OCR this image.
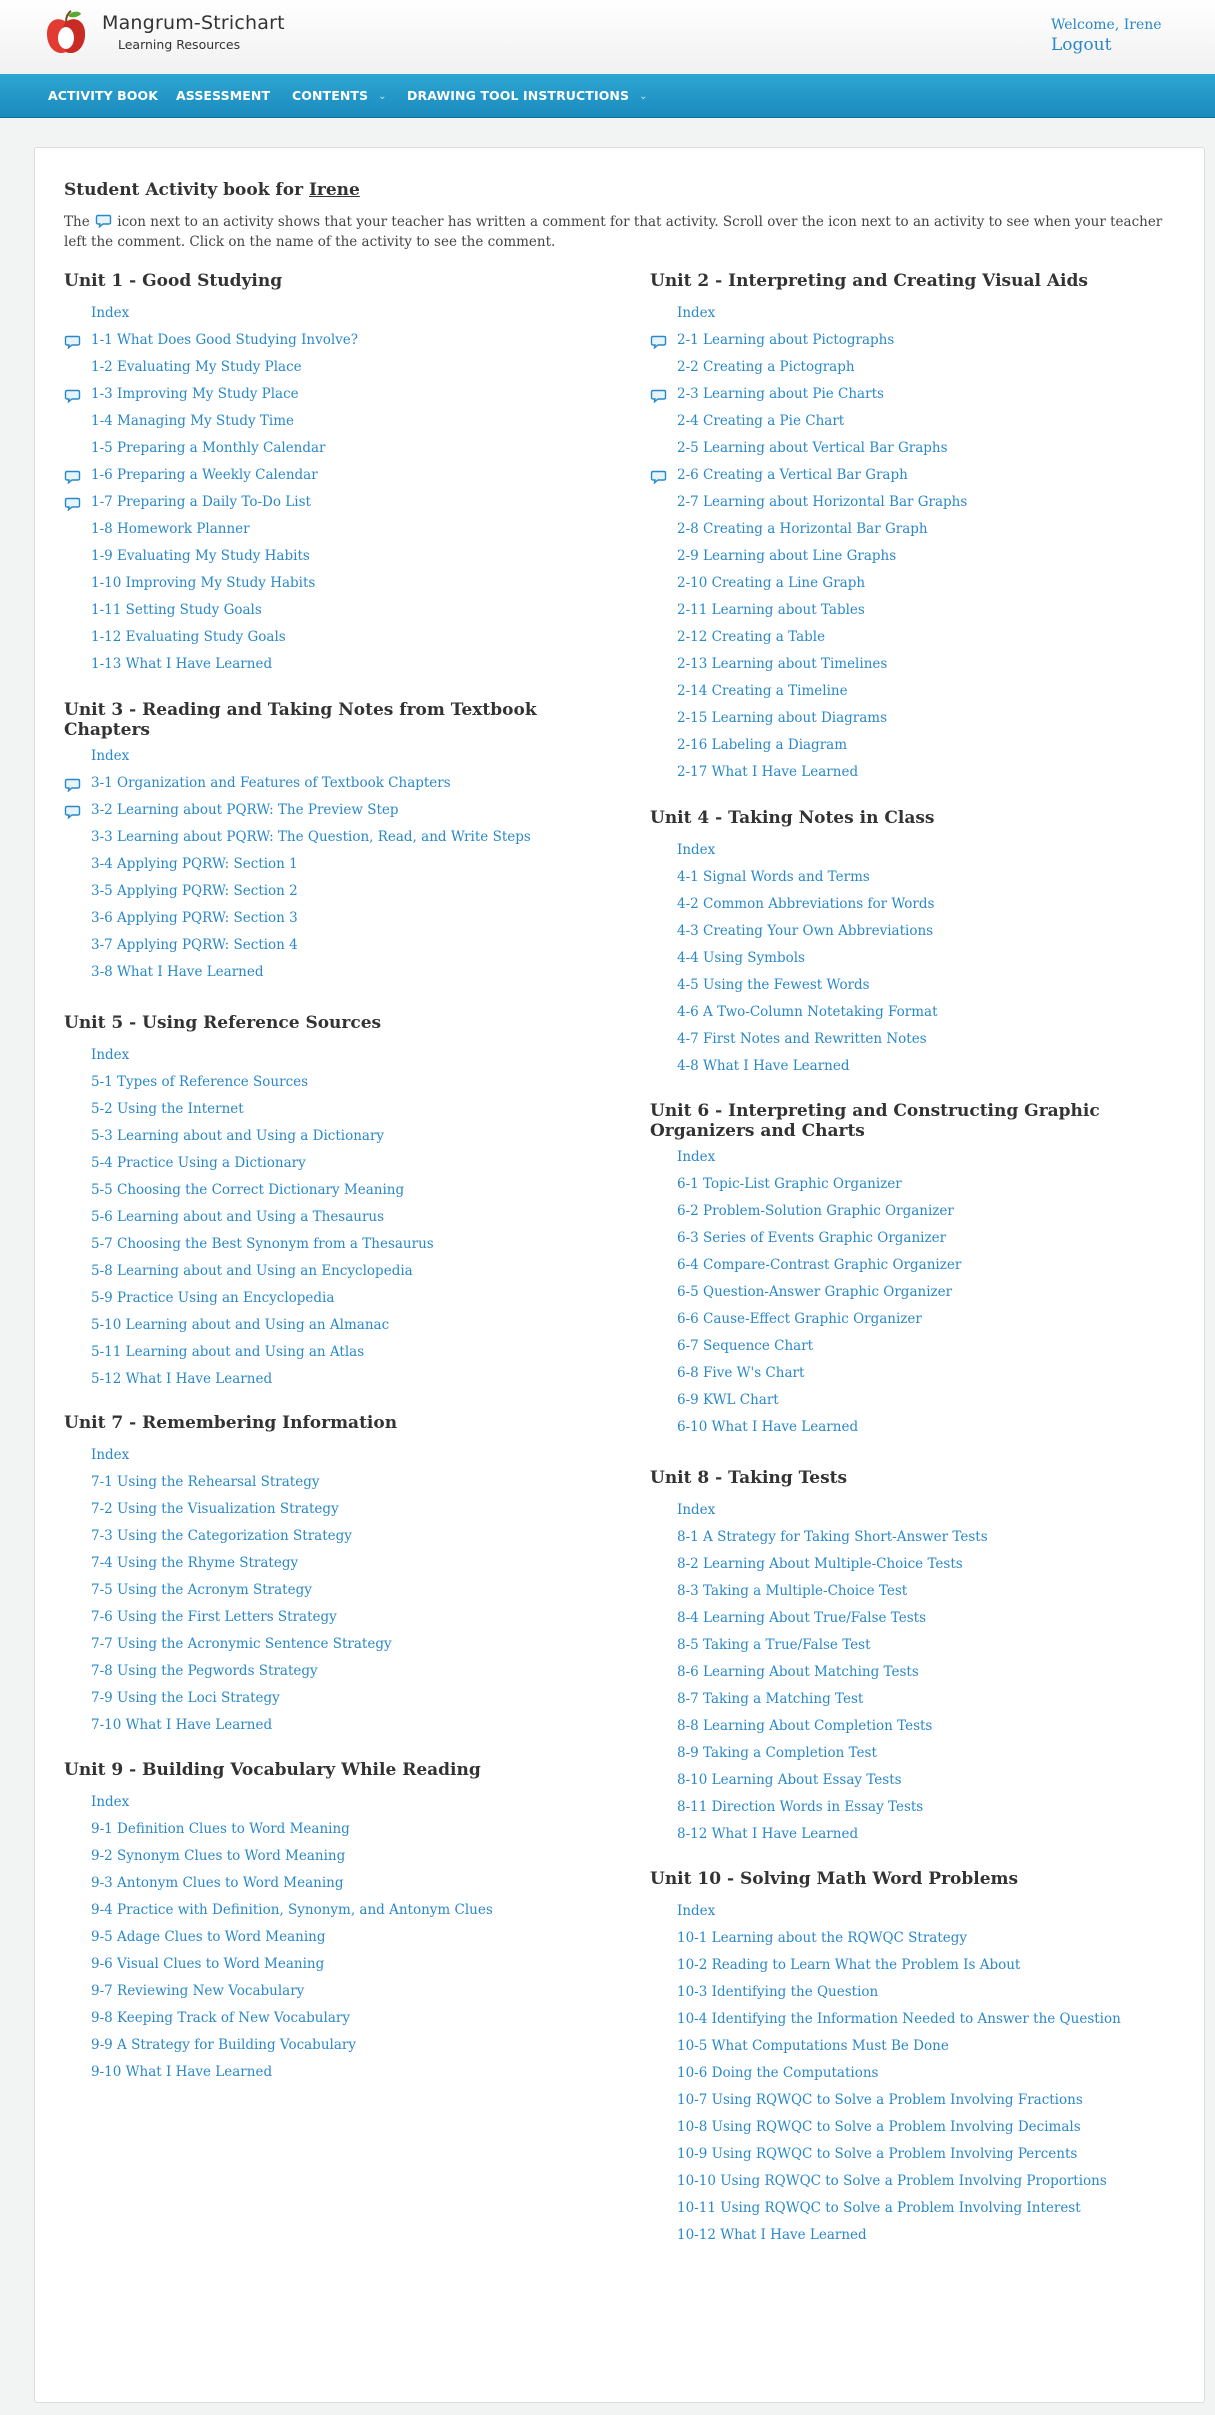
Mangrum-Strichart
Learning Resources
Welcome, Irene
Logout
ACTIVITY BOOK ASSESSMENT CONTENTS ⌄ DRAWING TOOL INSTRUCTIONS ⌄
Student Activity book for Irene
The icon next to an activity shows that your teacher has written a comment for that activity. Scroll over the icon next to an activity to see when your teacher left the comment. Click on the name of the activity to see the comment.
Unit 1 - Good Studying
Index
1-1 What Does Good Studying Involve?
1-2 Evaluating My Study Place
1-3 Improving My Study Place
1-4 Managing My Study Time
1-5 Preparing a Monthly Calendar
1-6 Preparing a Weekly Calendar
1-7 Preparing a Daily To-Do List
1-8 Homework Planner
1-9 Evaluating My Study Habits
1-10 Improving My Study Habits
1-11 Setting Study Goals
1-12 Evaluating Study Goals
1-13 What I Have Learned
Unit 3 - Reading and Taking Notes from Textbook Chapters
Index
3-1 Organization and Features of Textbook Chapters
3-2 Learning about PQRW: The Preview Step
3-3 Learning about PQRW: The Question, Read, and Write Steps
3-4 Applying PQRW: Section 1
3-5 Applying PQRW: Section 2
3-6 Applying PQRW: Section 3
3-7 Applying PQRW: Section 4
3-8 What I Have Learned
Unit 5 - Using Reference Sources
Index
5-1 Types of Reference Sources
5-2 Using the Internet
5-3 Learning about and Using a Dictionary
5-4 Practice Using a Dictionary
5-5 Choosing the Correct Dictionary Meaning
5-6 Learning about and Using a Thesaurus
5-7 Choosing the Best Synonym from a Thesaurus
5-8 Learning about and Using an Encyclopedia
5-9 Practice Using an Encyclopedia
5-10 Learning about and Using an Almanac
5-11 Learning about and Using an Atlas
5-12 What I Have Learned
Unit 7 - Remembering Information
Index
7-1 Using the Rehearsal Strategy
7-2 Using the Visualization Strategy
7-3 Using the Categorization Strategy
7-4 Using the Rhyme Strategy
7-5 Using the Acronym Strategy
7-6 Using the First Letters Strategy
7-7 Using the Acronymic Sentence Strategy
7-8 Using the Pegwords Strategy
7-9 Using the Loci Strategy
7-10 What I Have Learned
Unit 9 - Building Vocabulary While Reading
Index
9-1 Definition Clues to Word Meaning
9-2 Synonym Clues to Word Meaning
9-3 Antonym Clues to Word Meaning
9-4 Practice with Definition, Synonym, and Antonym Clues
9-5 Adage Clues to Word Meaning
9-6 Visual Clues to Word Meaning
9-7 Reviewing New Vocabulary
9-8 Keeping Track of New Vocabulary
9-9 A Strategy for Building Vocabulary
9-10 What I Have Learned
Unit 2 - Interpreting and Creating Visual Aids
Index
2-1 Learning about Pictographs
2-2 Creating a Pictograph
2-3 Learning about Pie Charts
2-4 Creating a Pie Chart
2-5 Learning about Vertical Bar Graphs
2-6 Creating a Vertical Bar Graph
2-7 Learning about Horizontal Bar Graphs
2-8 Creating a Horizontal Bar Graph
2-9 Learning about Line Graphs
2-10 Creating a Line Graph
2-11 Learning about Tables
2-12 Creating a Table
2-13 Learning about Timelines
2-14 Creating a Timeline
2-15 Learning about Diagrams
2-16 Labeling a Diagram
2-17 What I Have Learned
Unit 4 - Taking Notes in Class
Index
4-1 Signal Words and Terms
4-2 Common Abbreviations for Words
4-3 Creating Your Own Abbreviations
4-4 Using Symbols
4-5 Using the Fewest Words
4-6 A Two-Column Notetaking Format
4-7 First Notes and Rewritten Notes
4-8 What I Have Learned
Unit 6 - Interpreting and Constructing Graphic Organizers and Charts
Index
6-1 Topic-List Graphic Organizer
6-2 Problem-Solution Graphic Organizer
6-3 Series of Events Graphic Organizer
6-4 Compare-Contrast Graphic Organizer
6-5 Question-Answer Graphic Organizer
6-6 Cause-Effect Graphic Organizer
6-7 Sequence Chart
6-8 Five W's Chart
6-9 KWL Chart
6-10 What I Have Learned
Unit 8 - Taking Tests
Index
8-1 A Strategy for Taking Short-Answer Tests
8-2 Learning About Multiple-Choice Tests
8-3 Taking a Multiple-Choice Test
8-4 Learning About True/False Tests
8-5 Taking a True/False Test
8-6 Learning About Matching Tests
8-7 Taking a Matching Test
8-8 Learning About Completion Tests
8-9 Taking a Completion Test
8-10 Learning About Essay Tests
8-11 Direction Words in Essay Tests
8-12 What I Have Learned
Unit 10 - Solving Math Word Problems
Index
10-1 Learning about the RQWQC Strategy
10-2 Reading to Learn What the Problem Is About
10-3 Identifying the Question
10-4 Identifying the Information Needed to Answer the Question
10-5 What Computations Must Be Done
10-6 Doing the Computations
10-7 Using RQWQC to Solve a Problem Involving Fractions
10-8 Using RQWQC to Solve a Problem Involving Decimals
10-9 Using RQWQC to Solve a Problem Involving Percents
10-10 Using RQWQC to Solve a Problem Involving Proportions
10-11 Using RQWQC to Solve a Problem Involving Interest
10-12 What I Have Learned
